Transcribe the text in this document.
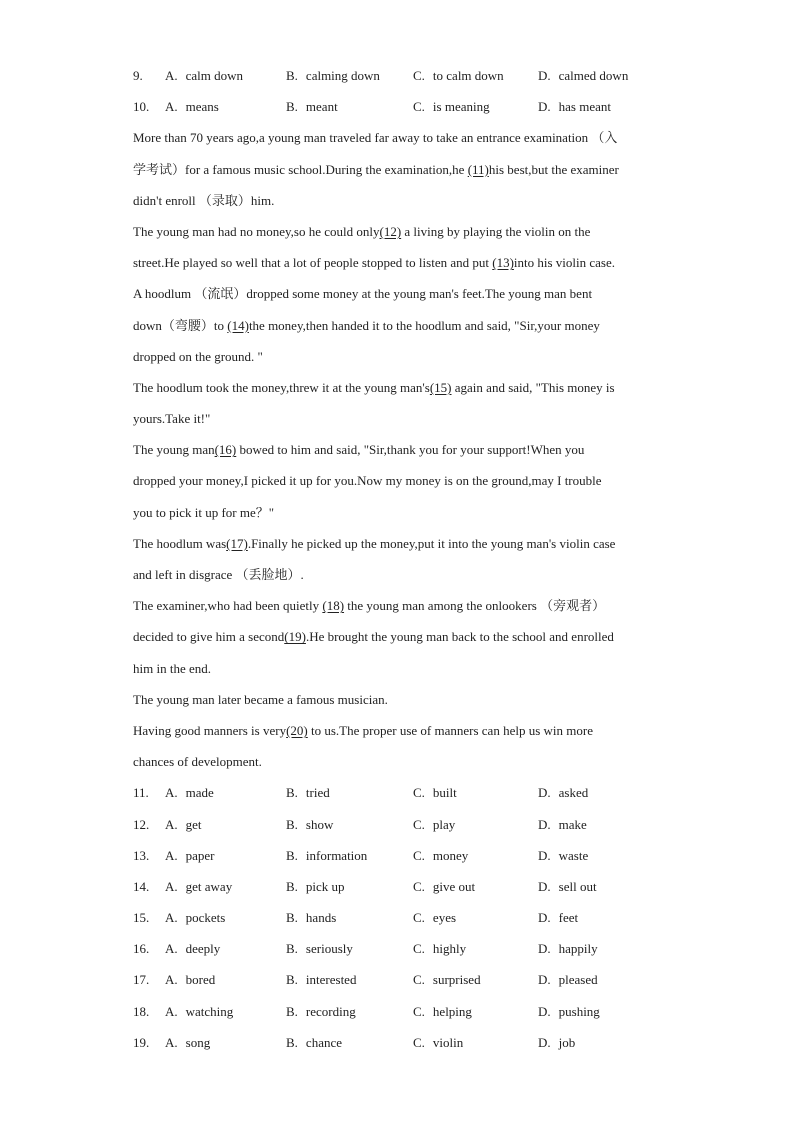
9.	A. calm down	B. calming down	C. to calm down	D. calmed down
10.	A. means	B. meant	C. is meaning	D. has meant
More than 70 years ago,a young man traveled far away to take an entrance examination （入
学考试）for a famous music school.During the examination,he (11)his best,but the examiner
didn't enroll （录取）him.
The young man had no money,so he could only(12) a living by playing the violin on the
street.He played so well that a lot of people stopped to listen and put (13)into his violin case.
A hoodlum （流氓）dropped some money at the young man's feet.The young man bent
down（弯腰）to (14)the money,then handed it to the hoodlum and said, "Sir,your money
dropped on the ground. "
The hoodlum took the money,threw it at the young man's(15) again and said, "This money is
yours.Take it!"
The young man(16) bowed to him and said, "Sir,thank you for your support!When you
dropped your money,I picked it up for you.Now my money is on the ground,may I trouble
you to pick it up for me？"
The hoodlum was(17).Finally he picked up the money,put it into the young man's violin case
and left in disgrace （丢脸地）.
The examiner,who had been quietly (18) the young man among the onlookers （旁观者）
decided to give him a second(19).He brought the young man back to the school and enrolled
him in the end.
The young man later became a famous musician.
Having good manners is very(20) to us.The proper use of manners can help us win more
chances of development.
11.	A. made	B. tried	C. built	D. asked
12.	A. get	B. show	C. play	D. make
13.	A. paper	B. information	C. money	D. waste
14.	A. get away	B. pick up	C. give out	D. sell out
15.	A. pockets	B. hands	C. eyes	D. feet
16.	A. deeply	B. seriously	C. highly	D. happily
17.	A. bored	B. interested	C. surprised	D. pleased
18.	A. watching	B. recording	C. helping	D. pushing
19.	A. song	B. chance	C. violin	D. job
